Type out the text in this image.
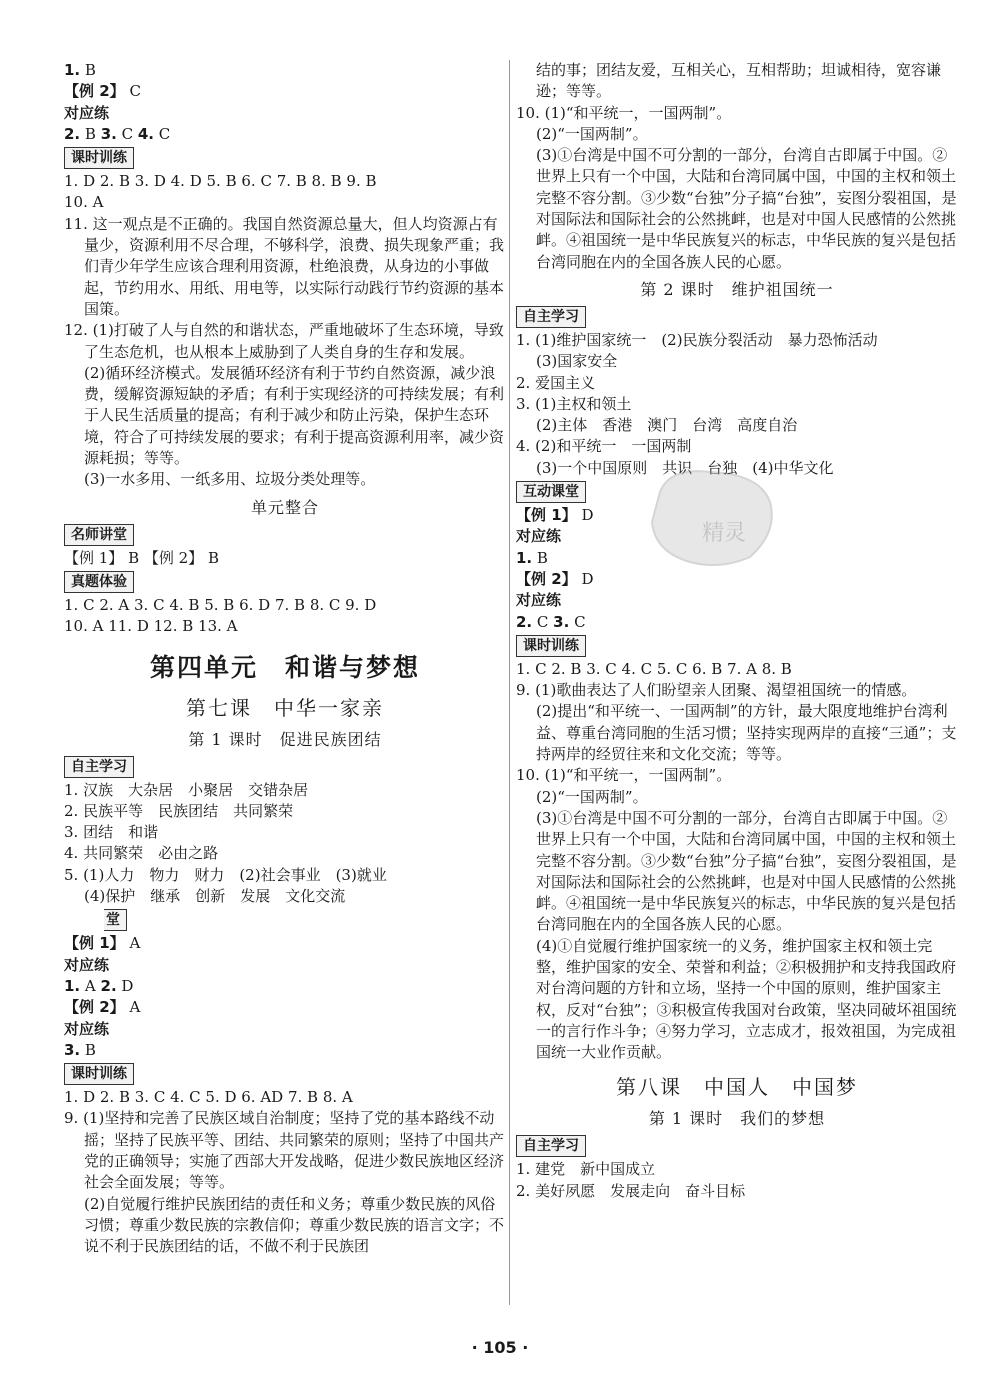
1. B

【例 2】 C

对应练

2. B 3. C 4. C

课时训练

1. D 2. B 3. D 4. D 5. B 6. C 7. B 8. B 9. B

10. A

11. 这一观点是不正确的。我国自然资源总量大，但人均资源占有量少，资源利用不尽合理，不够科学，浪费、损失现象严重；我们青少年学生应该合理利用资源，杜绝浪费，从身边的小事做起，节约用水、用纸、用电等，以实际行动践行节约资源的基本国策。

12. (1)打破了人与自然的和谐状态，严重地破坏了生态环境，导致了生态危机，也从根本上威胁到了人类自身的生存和发展。

(2)循环经济模式。发展循环经济有利于节约自然资源，减少浪费，缓解资源短缺的矛盾；有利于实现经济的可持续发展；有利于人民生活质量的提高；有利于减少和防止污染，保护生态环境，符合了可持续发展的要求；有利于提高资源利用率，减少资源耗损；等等。

(3)一水多用、一纸多用、垃圾分类处理等。

单元整合
名师讲堂

【例 1】 B 【例 2】 B

真题体验

1. C 2. A 3. C 4. B 5. B 6. D 7. B 8. C 9. D

10. A 11. D 12. B 13. A

第四单元　和谐与梦想
第七课　中华一家亲
第 1 课时　促进民族团结
自主学习

1. 汉族　大杂居　小聚居　交错杂居

2. 民族平等　民族团结　共同繁荣

3. 团结　和谐

4. 共同繁荣　必由之路

5. (1)人力　物力　财力　(2)社会事业　(3)就业

(4)保护　继承　创新　发展　文化交流

堂

【例 1】 A

对应练

1. A 2. D

【例 2】 A

对应练

3. B

课时训练

1. D 2. B 3. C 4. C 5. D 6. AD 7. B 8. A

9. (1)坚持和完善了民族区域自治制度；坚持了党的基本路线不动摇；坚持了民族平等、团结、共同繁荣的原则；坚持了中国共产党的正确领导；实施了西部大开发战略，促进少数民族地区经济社会全面发展；等等。

(2)自觉履行维护民族团结的责任和义务；尊重少数民族的风俗习惯；尊重少数民族的宗教信仰；尊重少数民族的语言文字；不说不利于民族团结的话，不做不利于民族团

结的事；团结友爱，互相关心，互相帮助；坦诚相待，宽容谦逊；等等。

10. (1)“和平统一，一国两制”。

(2)“一国两制”。

(3)①台湾是中国不可分割的一部分，台湾自古即属于中国。②世界上只有一个中国，大陆和台湾同属中国，中国的主权和领土完整不容分割。③少数“台独”分子搞“台独”，妄图分裂祖国，是对国际法和国际社会的公然挑衅，也是对中国人民感情的公然挑衅。④祖国统一是中华民族复兴的标志，中华民族的复兴是包括台湾同胞在内的全国各族人民的心愿。

第 2 课时　维护祖国统一
自主学习

1. (1)维护国家统一　(2)民族分裂活动　暴力恐怖活动

(3)国家安全

2. 爱国主义

3. (1)主权和领土

(2)主体　香港　澳门　台湾　高度自治

4. (2)和平统一　一国两制

(3)一个中国原则　共识　台独　(4)中华文化

互动课堂

【例 1】 D

对应练

1. B

【例 2】 D

对应练

2. C 3. C

课时训练

1. C 2. B 3. C 4. C 5. C 6. B 7. A 8. B

9. (1)歌曲表达了人们盼望亲人团聚、渴望祖国统一的情感。

(2)提出“和平统一、一国两制”的方针，最大限度地维护台湾利益、尊重台湾同胞的生活习惯；坚持实现两岸的直接“三通”；支持两岸的经贸往来和文化交流；等等。

10. (1)“和平统一，一国两制”。

(2)“一国两制”。

(3)①台湾是中国不可分割的一部分，台湾自古即属于中国。②世界上只有一个中国，大陆和台湾同属中国，中国的主权和领土完整不容分割。③少数“台独”分子搞“台独”，妄图分裂祖国，是对国际法和国际社会的公然挑衅，也是对中国人民感情的公然挑衅。④祖国统一是中华民族复兴的标志，中华民族的复兴是包括台湾同胞在内的全国各族人民的心愿。

(4)①自觉履行维护国家统一的义务，维护国家主权和领土完整，维护国家的安全、荣誉和利益；②积极拥护和支持我国政府对台湾问题的方针和立场，坚持一个中国的原则，维护国家主权，反对“台独”；③积极宣传我国对台政策，坚决同破坏祖国统一的言行作斗争；④努力学习，立志成才，报效祖国，为完成祖国统一大业作贡献。

第八课　中国人　中国梦
第 1 课时　我们的梦想
自主学习

1. 建党　新中国成立

2. 美好夙愿　发展走向　奋斗目标

精灵
· 105 ·
